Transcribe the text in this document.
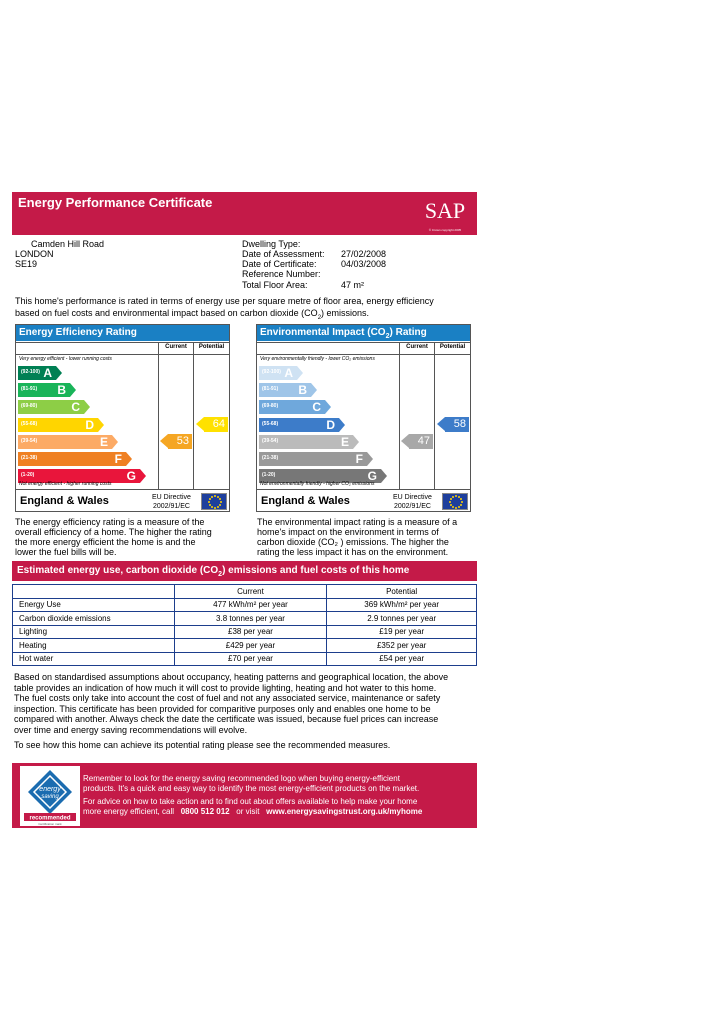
Energy Performance Certificate	SAP
© Crown copyright 2005
Camden Hill Road
LONDON
SE19
Dwelling Type:
Date of Assessment: 27/02/2008
Date of Certificate:	04/03/2008
Reference Number:
Total Floor Area:	47 m²
This home's performance is rated in terms of energy use per square metre of floor area, energy efficiency
based on fuel costs and environmental impact based on carbon dioxide $(CO_2)$ emissions.
Energy Efficiency Rating
Current	Potential
Very energy efficient - lower running costs
(92-100) A
(81-91) B
(69-80)	C
(55-68)	D
(39-54)	E
(21-38)	F
(1-20)	G
Not energy efficient - higher running costs
53
64
England & Wales	EU Directive
2002/91/EC
Environmental Impact $(CO_2)$ Rating
Current	Potential
Very environmentally friendly - lower CO₂ emissions
(92-100) A
(81-91) B
(69-80)	C
(55-68)	D
(39-54)	E
(21-38)	F
(1-20)	G
Not environmentally friendly - higher CO₂ emissions
47
58
England & Wales	EU Directive
2002/91/EC
The energy efficiency rating is a measure of the
overall efficiency of a home. The higher the rating
the more energy efficient the home is and the
lower the fuel bills will be.
The environmental impact rating is a measure of a
home's impact on the environment in terms of
carbon dioxide (CO₂ ) emissions. The higher the
rating the less impact it has on the environment.
Estimated energy use, carbon dioxide $(CO_2)$ emissions and fuel costs of this home
	Current	Potential
Energy Use	477 kWh/m² per year	369 kWh/m² per year
Carbon dioxide emissions	3.8 tonnes per year	2.9 tonnes per year
Lighting	£38 per year	£19 per year
Heating	£429 per year	£352 per year
Hot water	£70 per year	£54 per year
Based on standardised assumptions about occupancy, heating patterns and geographical location, the above
table provides an indication of how much it will cost to provide lighting, heating and hot water to this home.
The fuel costs only take into account the cost of fuel and not any associated service, maintenance or safety
inspection. This certificate has been provided for comparitive purposes only and enables one home to be
compared with another. Always check the date the certificate was issued, because fuel prices can increase
over time and energy saving recommendations will evolve.
To see how this home can achieve its potential rating please see the recommended measures.
energy
saving
recommended
Certification mark
Remember to look for the energy saving recommended logo when buying energy-efficient
products. It's a quick and easy way to identify the most energy-efficient products on the market.
For advice on how to take action and to find out about offers available to help make your home
more energy efficient, call 0800 512 012 or visit www.energysavingstrust.org.uk/myhome
